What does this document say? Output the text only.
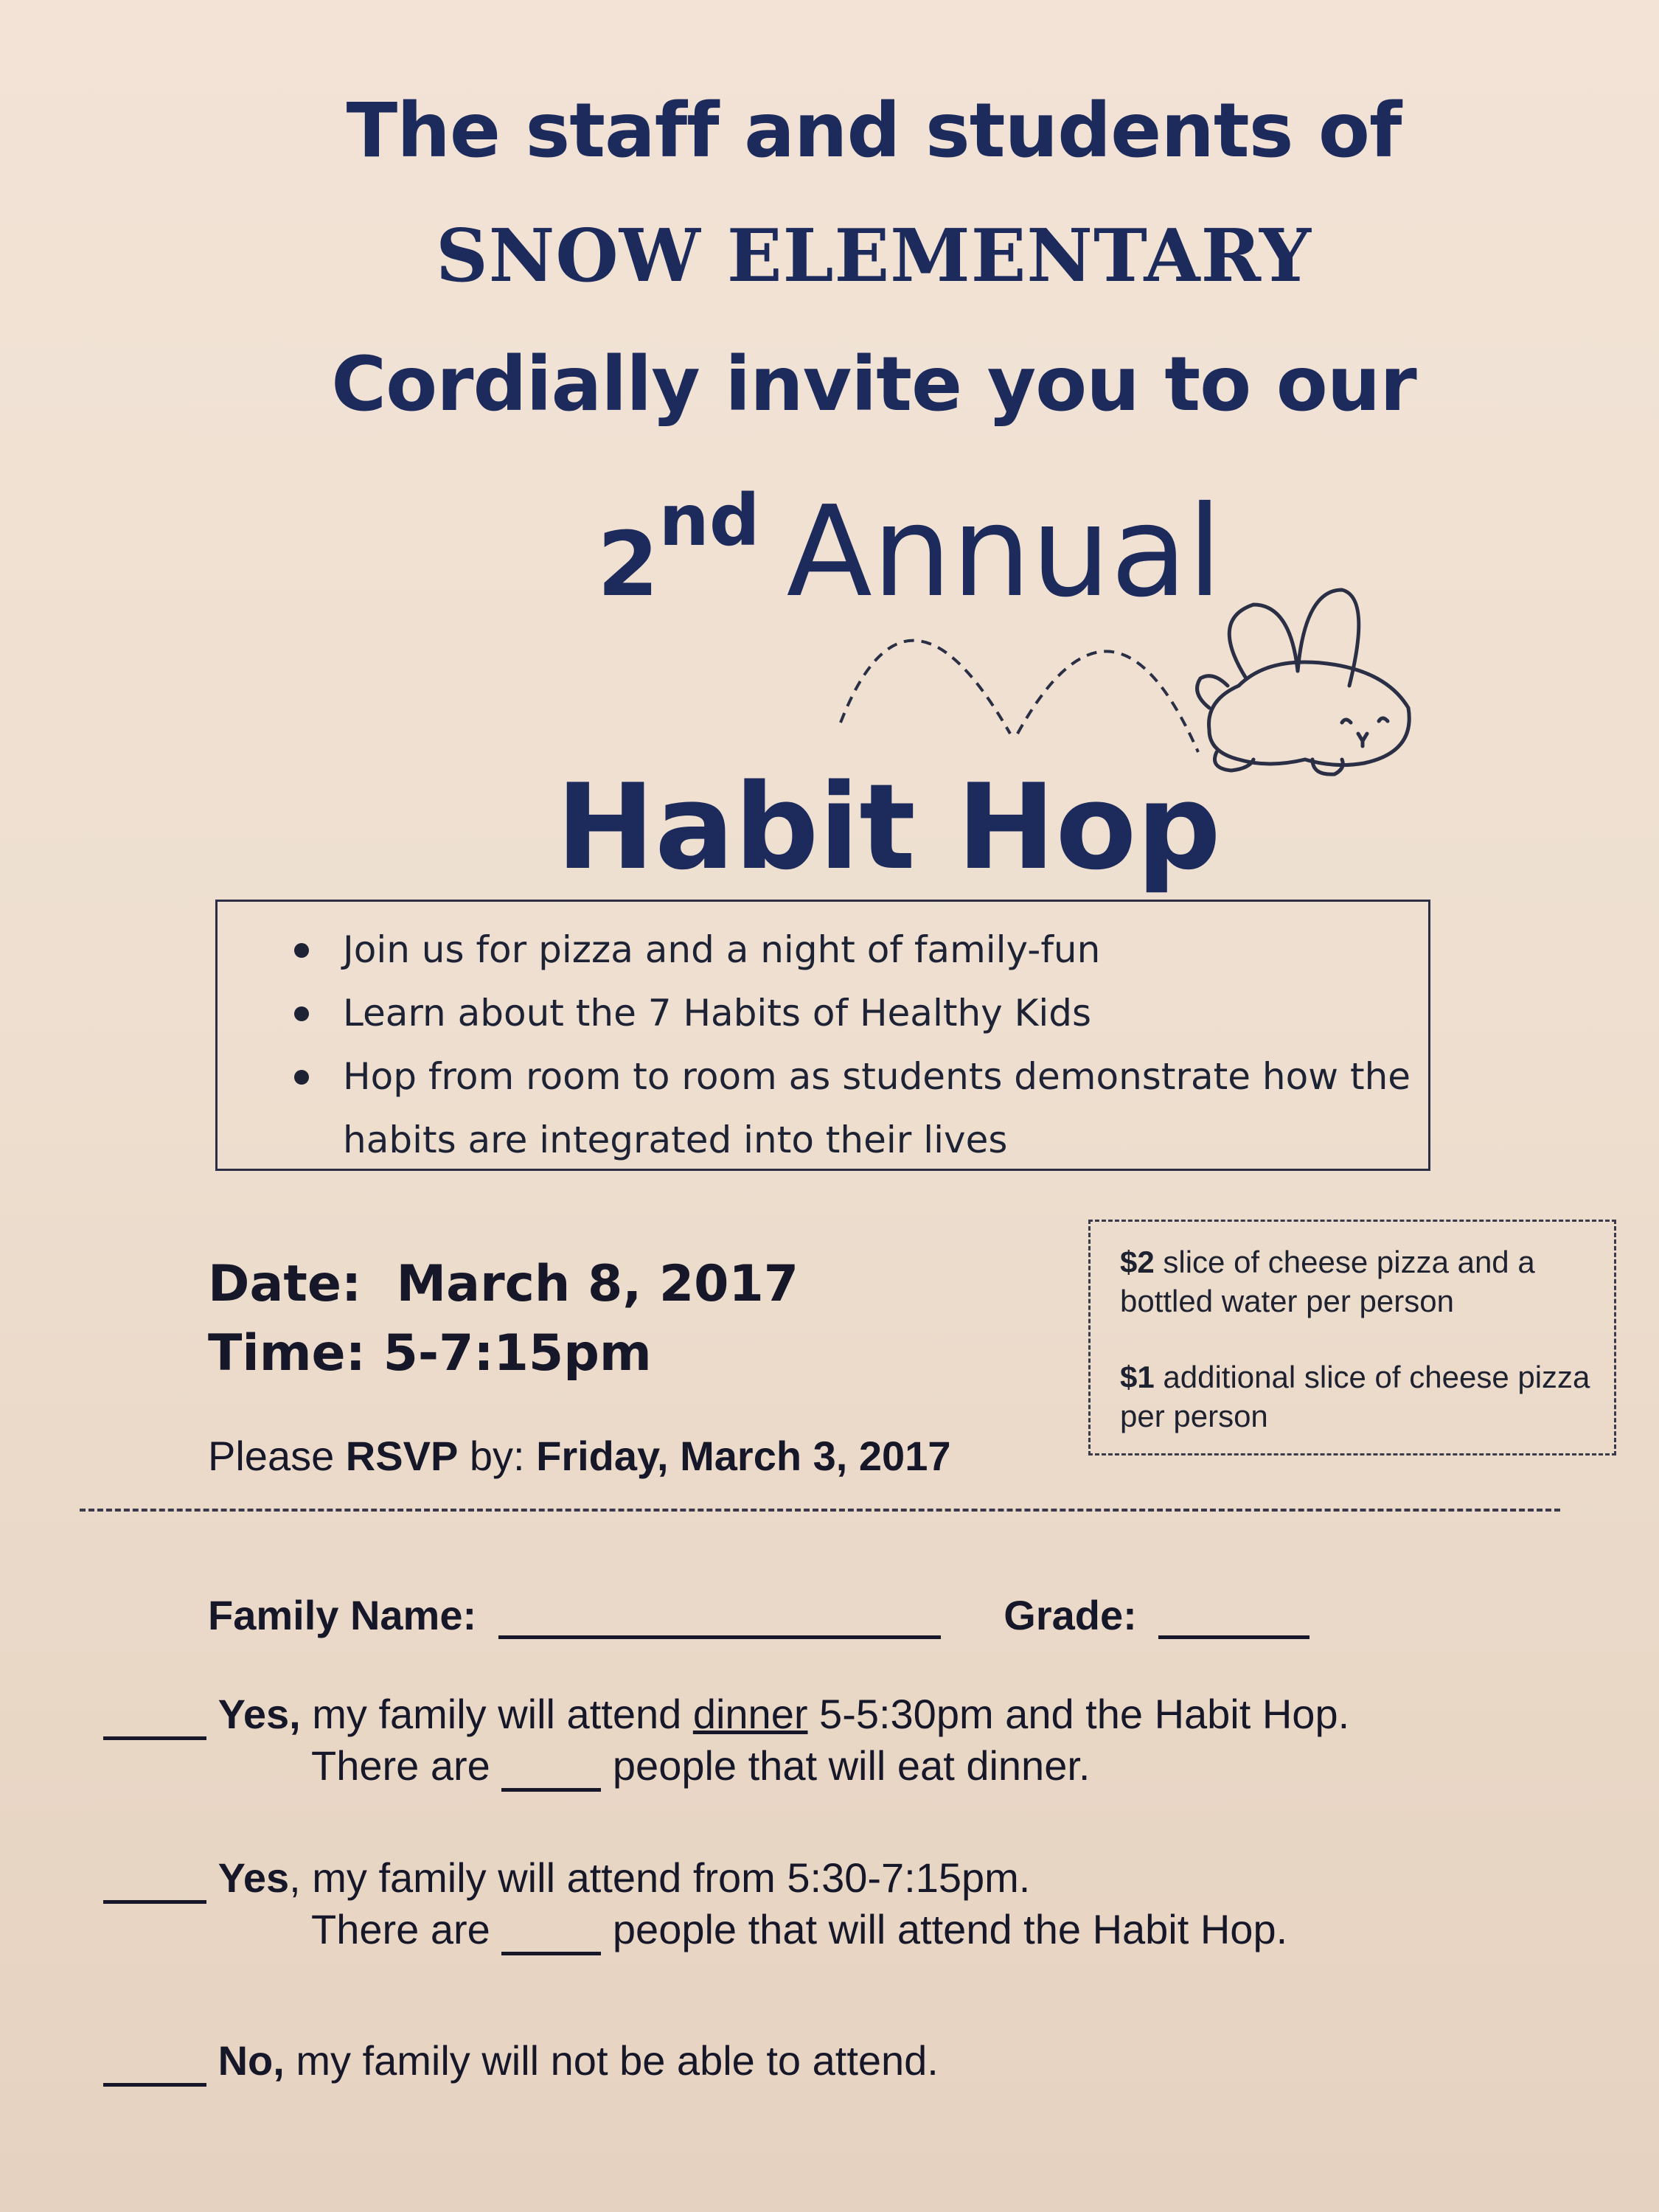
The staff and students of
SNOW ELEMENTARY
Cordially invite you to our
2nd Annual
Habit Hop
Join us for pizza and a night of family-fun
Learn about the 7 Habits of Healthy Kids
Hop from room to room as students demonstrate how the habits are integrated into their lives

$2 slice of cheese pizza and a bottled water per person

$1 additional slice of cheese pizza per person

Date: March 8, 2017
Time: 5-7:15pm
Please RSVP by: Friday, March 3, 2017
Family Name:	Grade:
Yes, my family will attend dinner 5-5:30pm and the Habit Hop.
There are  people that will eat dinner.
Yes, my family will attend from 5:30-7:15pm.
There are  people that will attend the Habit Hop.
No, my family will not be able to attend.
